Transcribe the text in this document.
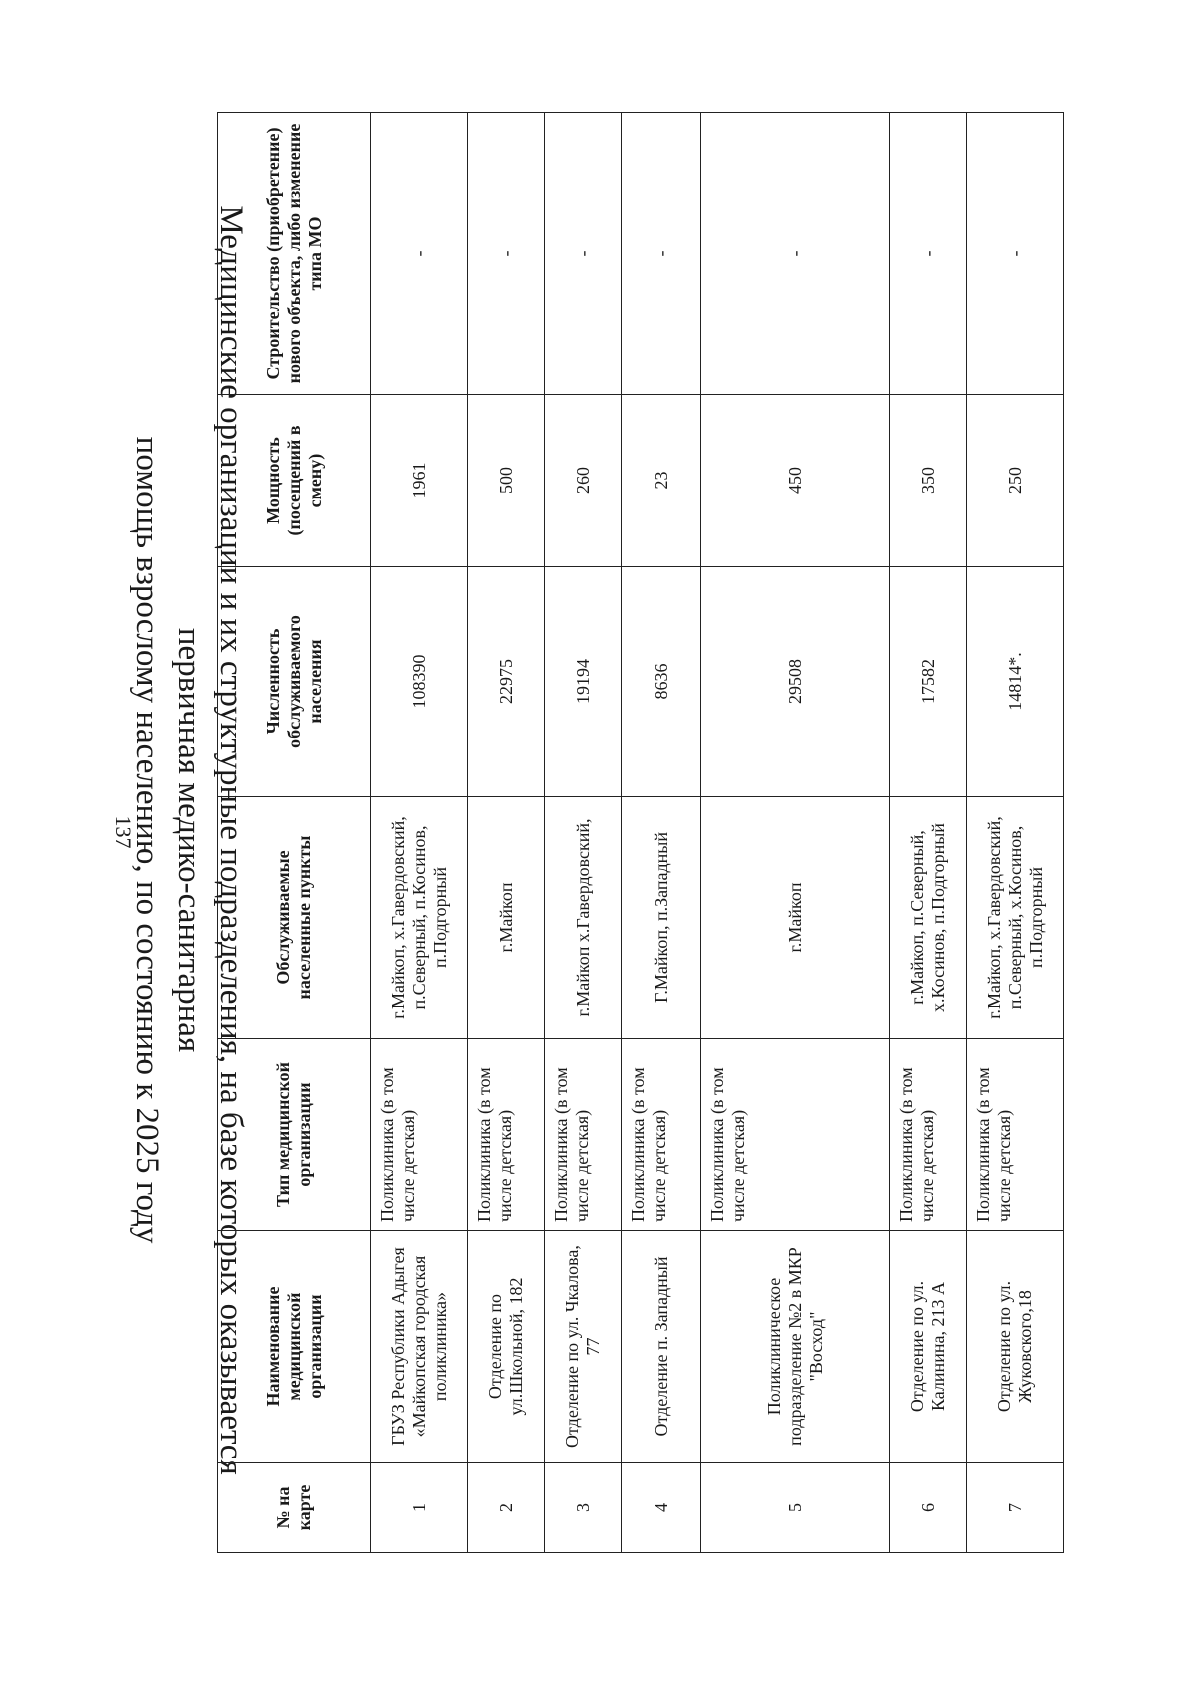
137	Медицинские организации и их структурные подразделения, на базе которых оказывается первичная медико-санитарная
помощь взрослому населению, по состоянию к 2025 году
№ на карте	Наименование медицинской организации	Тип медицинской организации	Обслуживаемые населенные пункты	Численность обслуживаемого населения	Мощность (посещений в смену)	Строительство (приобретение) нового объекта, либо изменение типа МО
1	ГБУЗ Республики Адыгея «Майкопская городская поликлиника»	Поликлиника (в том числе детская)	г.Майкоп, х.Гавердовский, п.Северный, п.Косинов, п.Подгорный	108390	1961	-
2	Отделение по ул.Школьной, 182	Поликлиника (в том числе детская)	г.Майкоп	22975	500	-
3	Отделение по ул. Чкалова, 77	Поликлиника (в том числе детская)	г.Майкоп х.Гавердовский,	19194	260	-
4	Отделение п. Западный	Поликлиника (в том числе детская)	Г.Майкоп, п.Западный	8636	23	-
5	Поликлиническое подразделение №2 в МКР "Восход"	Поликлиника (в том числе детская)	г.Майкоп	29508	450	-
6	Отделение по ул. Калинина, 213 А	Поликлиника (в том числе детская)	г.Майкоп, п.Северный, х.Косинов, п.Подгорный	17582	350	-
7	Отделение по ул. Жуковского,18	Поликлиника (в том числе детская)	г.Майкоп, х.Гавердовский, п.Северный, х.Косинов, п.Подгорный	14814*.	250	-
